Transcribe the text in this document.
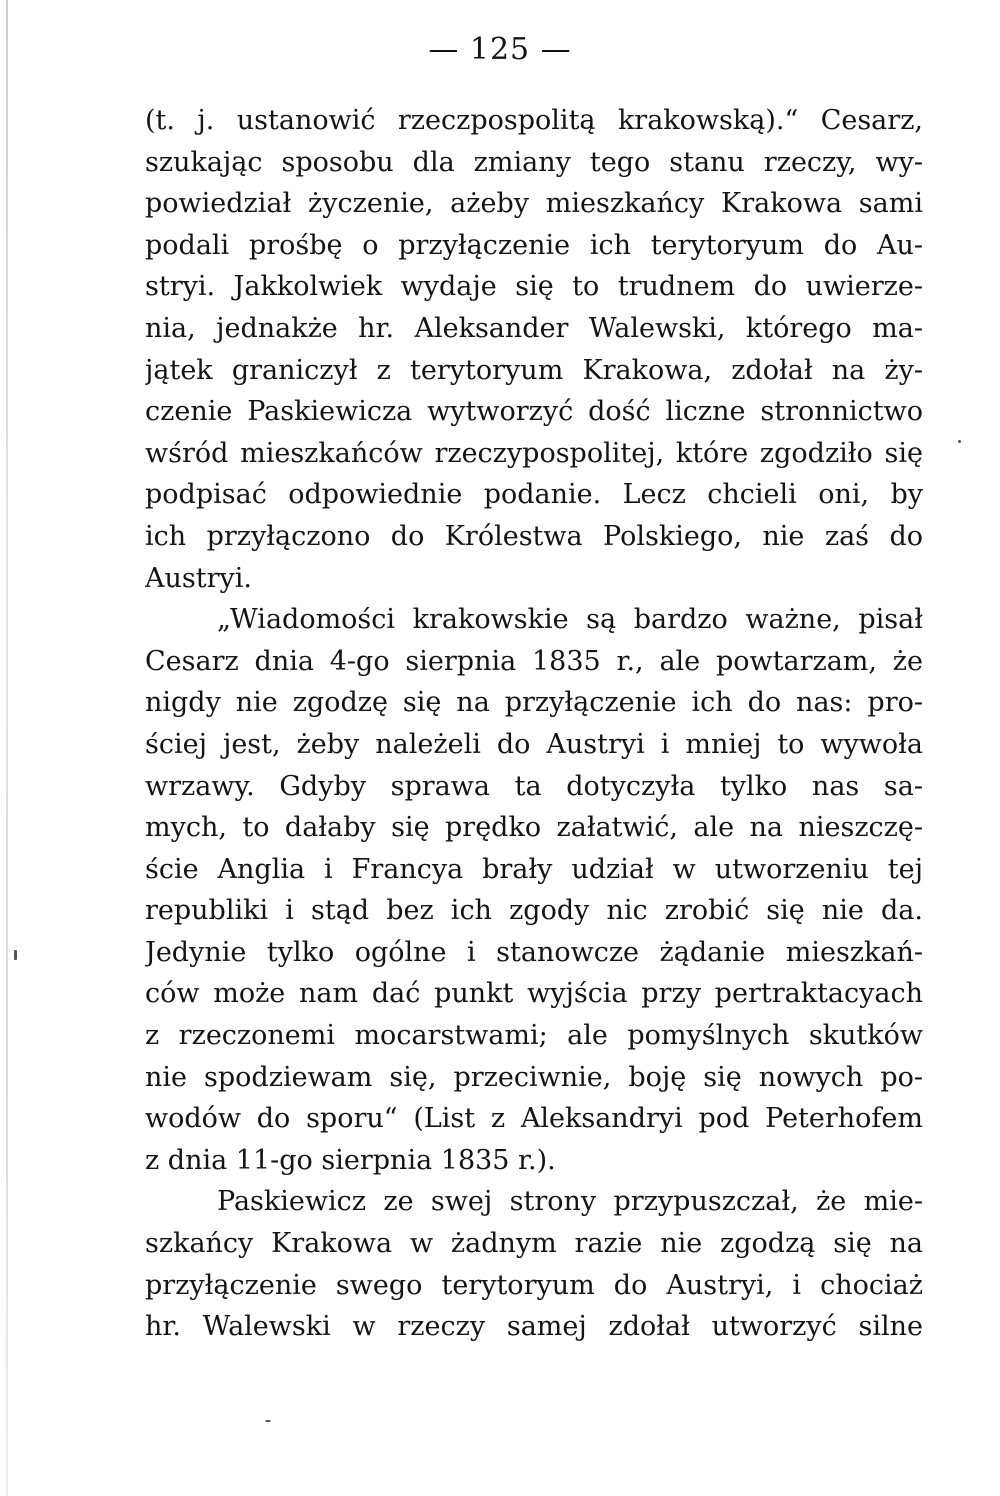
— 125 —
(t. j. ustanowić rzeczpospolitą krakowską).“ Cesarz,
szukając sposobu dla zmiany tego stanu rzeczy, wy-
powiedział życzenie, ażeby mieszkańcy Krakowa sami
podali prośbę o przyłączenie ich terytoryum do Au-
stryi. Jakkolwiek wydaje się to trudnem do uwierze-
nia, jednakże hr. Aleksander Walewski, którego ma-
jątek graniczył z terytoryum Krakowa, zdołał na ży-
czenie Paskiewicza wytworzyć dość liczne stronnictwo
wśród mieszkańców rzeczypospolitej, które zgodziło się
podpisać odpowiednie podanie. Lecz chcieli oni, by
ich przyłączono do Królestwa Polskiego, nie zaś do
Austryi.
„Wiadomości krakowskie są bardzo ważne, pisał
Cesarz dnia 4-go sierpnia 1835 r., ale powtarzam, że
nigdy nie zgodzę się na przyłączenie ich do nas: pro-
ściej jest, żeby należeli do Austryi i mniej to wywoła
wrzawy. Gdyby sprawa ta dotyczyła tylko nas sa-
mych, to dałaby się prędko załatwić, ale na nieszczę-
ście Anglia i Francya brały udział w utworzeniu tej
republiki i stąd bez ich zgody nic zrobić się nie da.
Jedynie tylko ogólne i stanowcze żądanie mieszkań-
ców może nam dać punkt wyjścia przy pertraktacyach
z rzeczonemi mocarstwami; ale pomyślnych skutków
nie spodziewam się, przeciwnie, boję się nowych po-
wodów do sporu“ (List z Aleksandryi pod Peterhofem
z dnia 11-go sierpnia 1835 r.).
Paskiewicz ze swej strony przypuszczał, że mie-
szkańcy Krakowa w żadnym razie nie zgodzą się na
przyłączenie swego terytoryum do Austryi, i chociaż
hr. Walewski w rzeczy samej zdołał utworzyć silne
